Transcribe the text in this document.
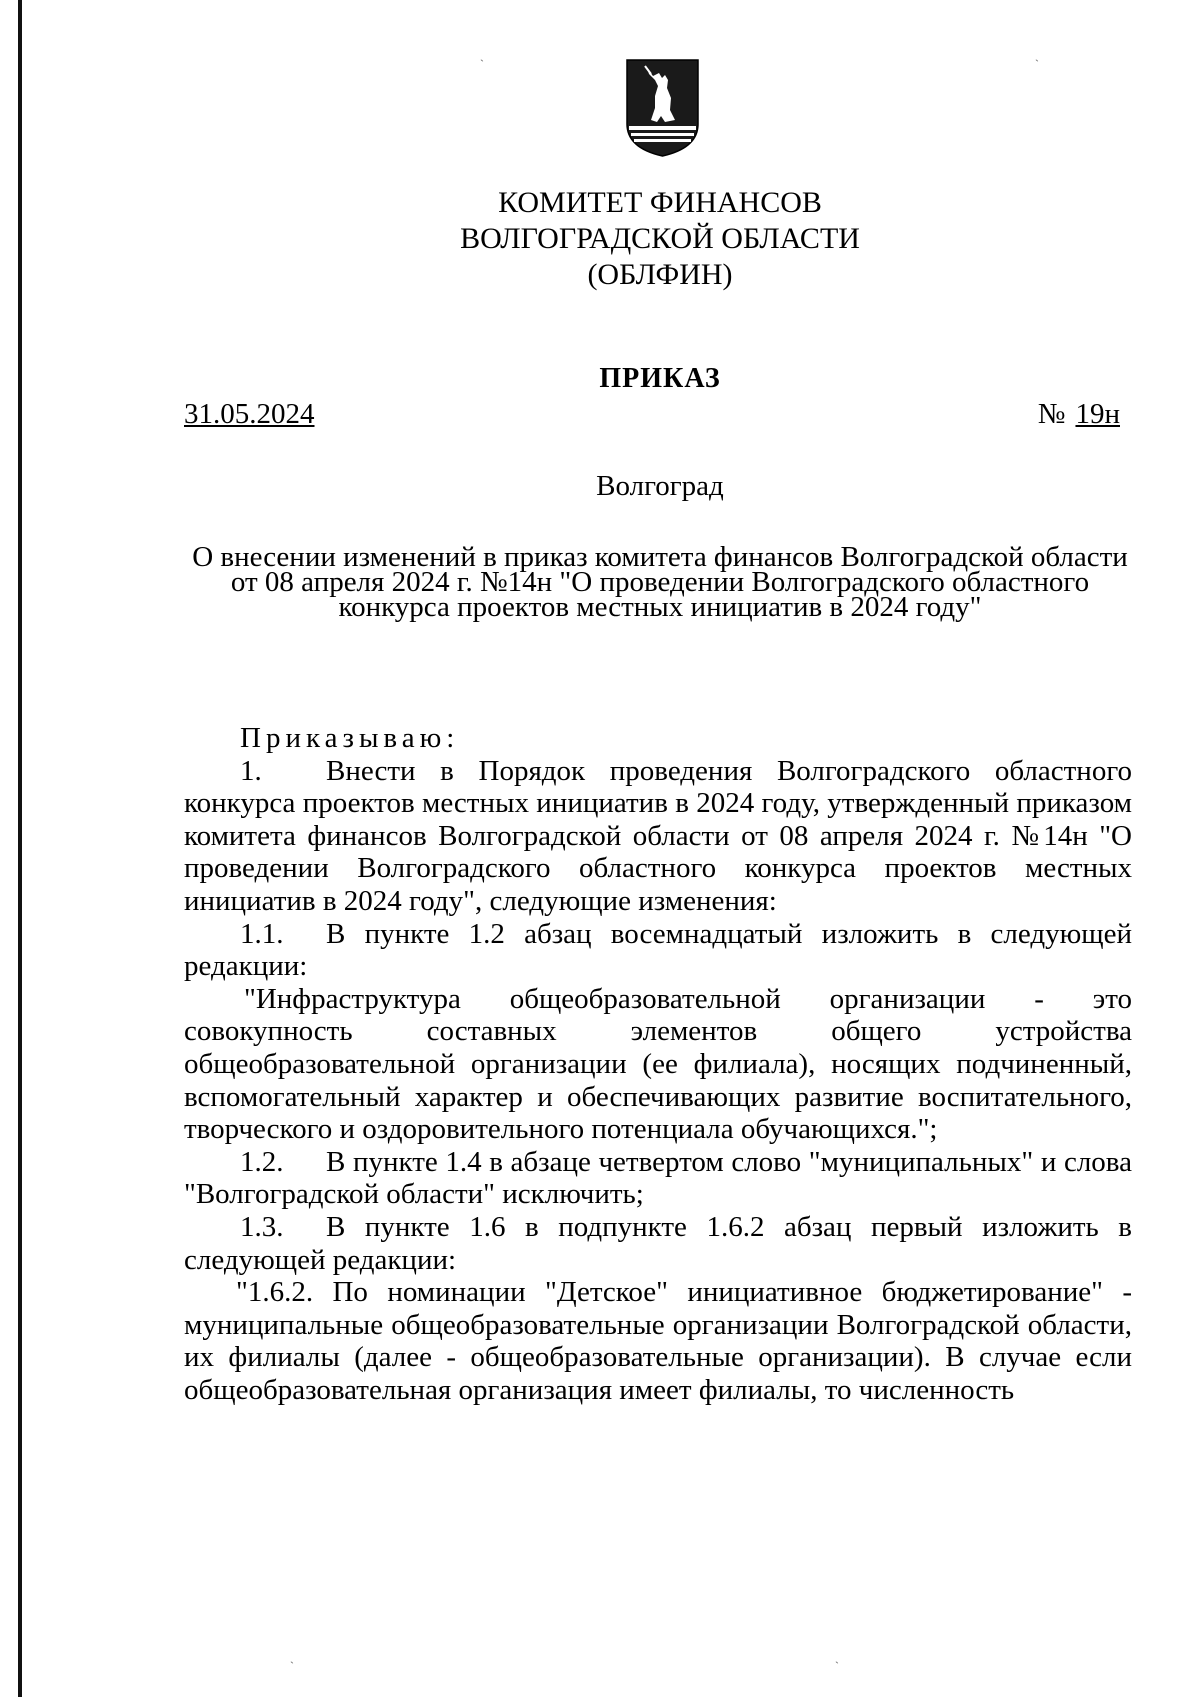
ˏ	ˏ
ˏ	ˏ
КОМИТЕТ ФИНАНСОВ
ВОЛГОГРАДСКОЙ ОБЛАСТИ
(ОБЛФИН)
ПРИКАЗ
31.05.2024	№ 19н
Волгоград
О внесении изменений в приказ комитета финансов Волгоградской области
от 08 апреля 2024 г. №14н "О проведении Волгоградского областного
конкурса проектов местных инициатив в 2024 году"

Приказываю:

1. Внести в Порядок проведения Волгоградского областного конкурса проектов местных инициатив в 2024 году, утвержденный приказом комитета финансов Волгоградской области от 08 апреля 2024 г. №14н "О проведении Волгоградского областного конкурса проектов местных инициатив в 2024 году", следующие изменения:

1.1. В пункте 1.2 абзац восемнадцатый изложить в следующей редакции:

"Инфраструктура общеобразовательной организации - это совокупность составных элементов общего устройства общеобразовательной организации (ее филиала), носящих подчиненный, вспомогательный характер и обеспечивающих развитие воспитательного, творческого и оздоровительного потенциала обучающихся.";

1.2. В пункте 1.4 в абзаце четвертом слово "муниципальных" и слова "Волгоградской области" исключить;

1.3. В пункте 1.6 в подпункте 1.6.2 абзац первый изложить в следующей редакции:

"1.6.2. По номинации "Детское" инициативное бюджетирование" - муниципальные общеобразовательные организации Волгоградской области, их филиалы (далее - общеобразовательные организации). В случае если общеобразовательная организация имеет филиалы, то численность
